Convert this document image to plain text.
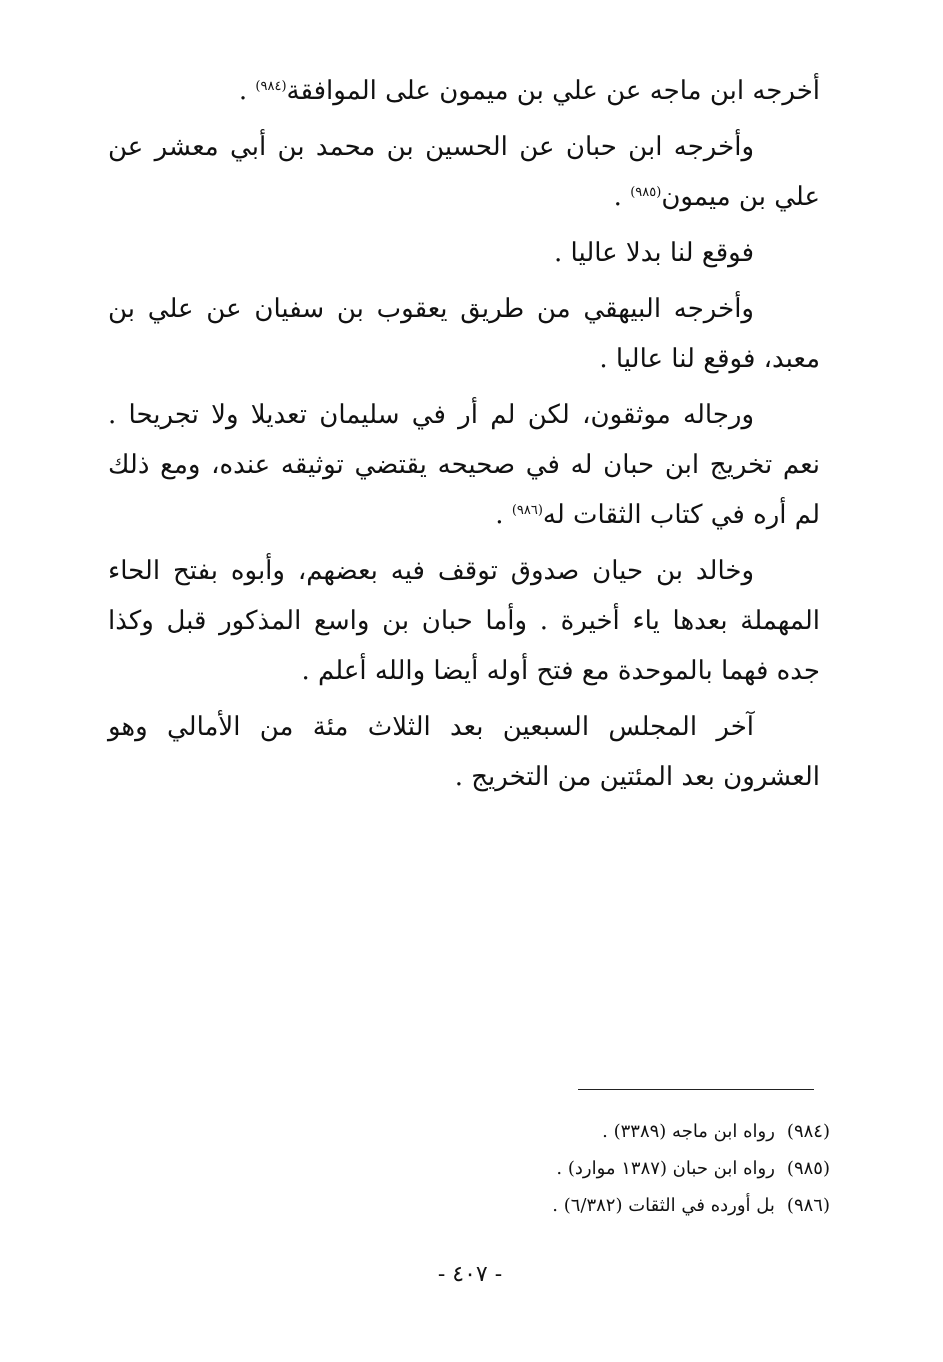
أخرجه ابن ماجه عن علي بن ميمون على الموافقة$^{(٩٨٤)}$ .

وأخرجه ابن حبان عن الحسين بن محمد بن أبي معشر عن علي بن ميمون$^{(٩٨٥)}$ .

فوقع لنا بدلا عاليا .

وأخرجه البيهقي من طريق يعقوب بن سفيان عن علي بن معبد، فوقع لنا عاليا .

ورجاله موثقون، لكن لم أر في سليمان تعديلا ولا تجريحا . نعم تخريج ابن حبان له في صحيحه يقتضي توثيقه عنده، ومع ذلك لم أره في كتاب الثقات له$^{(٩٨٦)}$ .

وخالد بن حيان صدوق توقف فيه بعضهم، وأبوه بفتح الحاء المهملة بعدها ياء أخيرة . وأما حبان بن واسع المذكور قبل وكذا جده فهما بالموحدة مع فتح أوله أيضا والله أعلم .

آخر المجلس السبعين بعد الثلاث مئة من الأمالي وهو العشرون بعد المئتين من التخريج .

(٩٨٤)رواه ابن ماجه (٣٣٨٩) .
(٩٨٥)رواه ابن حبان (١٣٨٧ موارد) .
(٩٨٦)بل أورده في الثقات (٦/٣٨٢) .
- ٤٠٧ -
